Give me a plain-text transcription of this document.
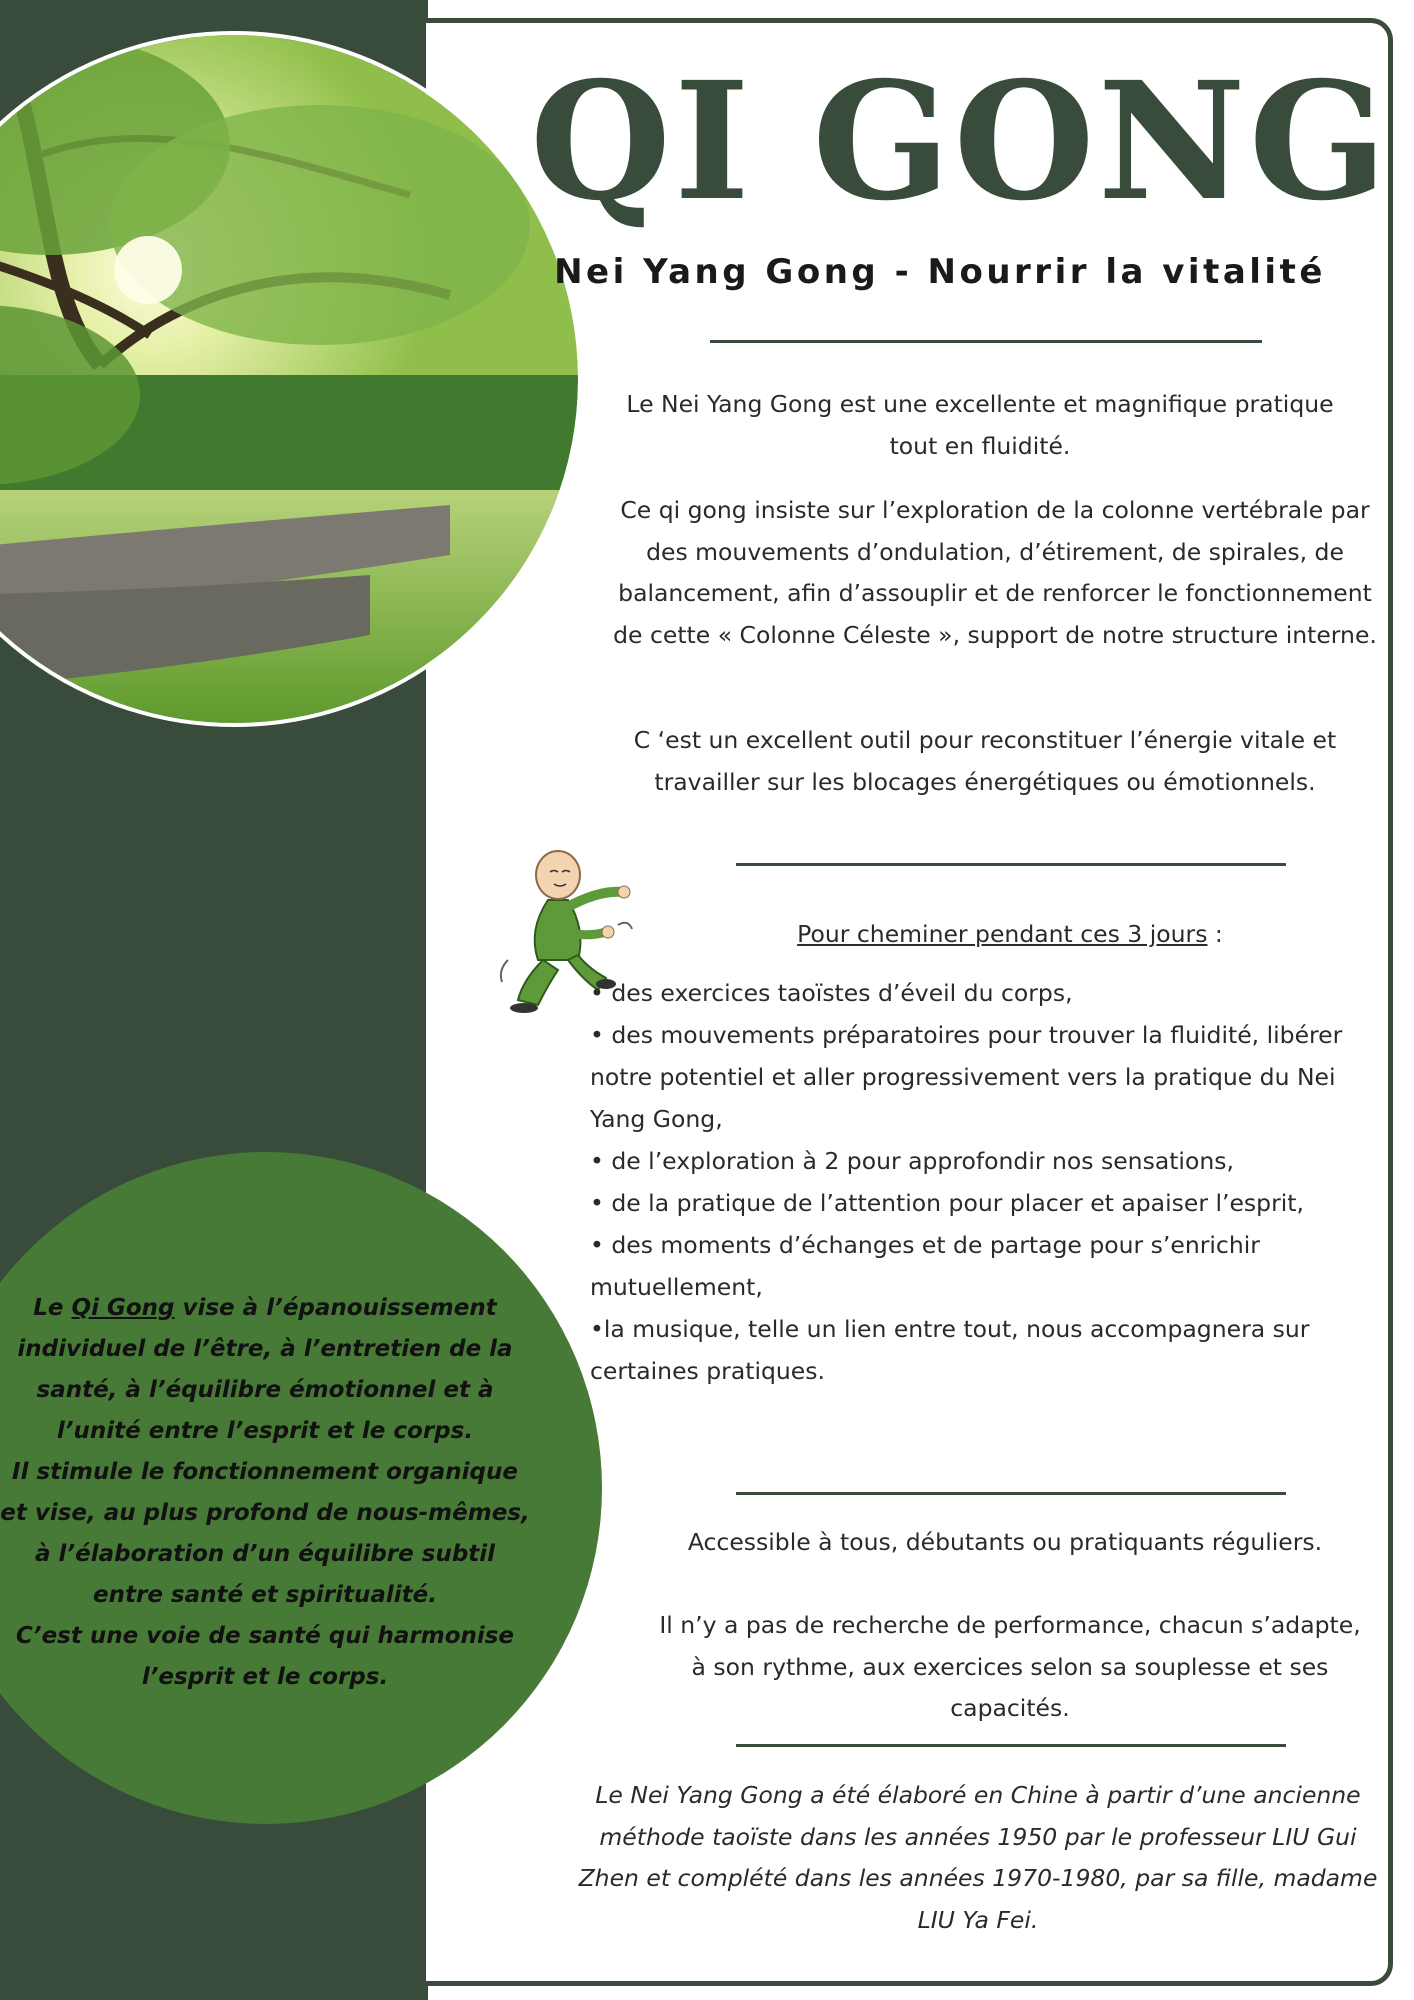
Le Qi Gong vise à l’épanouissement individuel de l’être, à l’entretien de la santé, à l’équilibre émotionnel et à l’unité entre l’esprit et le corps.
Il stimule le fonctionnement organique et vise, au plus profond de nous-mêmes, à l’élaboration d’un équilibre subtil entre santé et spiritualité.
C’est une voie de santé qui harmonise l’esprit et le corps.
QI GONG
Nei Yang Gong - Nourrir la vitalité

Le Nei Yang Gong est une excellente et magnifique pratique tout en fluidité.

Ce qi gong insiste sur l’exploration de la colonne vertébrale par des mouvements d’ondulation, d’étirement, de spirales, de balancement, afin d’assouplir et de renforcer le fonctionnement de cette « Colonne Céleste », support de notre structure interne.

C ‘est un excellent outil pour reconstituer l’énergie vitale et travailler sur les blocages énergétiques ou émotionnels.

Pour cheminer pendant ces 3 jours :
• des exercices taoïstes d’éveil du corps,
• des mouvements préparatoires pour trouver la fluidité, libérer notre potentiel et aller progressivement vers la pratique du Nei Yang Gong,
• de l’exploration à 2 pour approfondir nos sensations,
• de la pratique de l’attention pour placer et apaiser l’esprit,
• des moments d’échanges et de partage pour s’enrichir mutuellement,
•la musique, telle un lien entre tout, nous accompagnera sur certaines pratiques.

Accessible à tous, débutants ou pratiquants réguliers.

Il n’y a pas de recherche de performance, chacun s’adapte, à son rythme, aux exercices selon sa souplesse et ses capacités.

Le Nei Yang Gong a été élaboré en Chine à partir d’une ancienne méthode taoïste dans les années 1950 par le professeur LIU Gui Zhen et complété dans les années 1970-1980, par sa fille, madame LIU Ya Fei.
